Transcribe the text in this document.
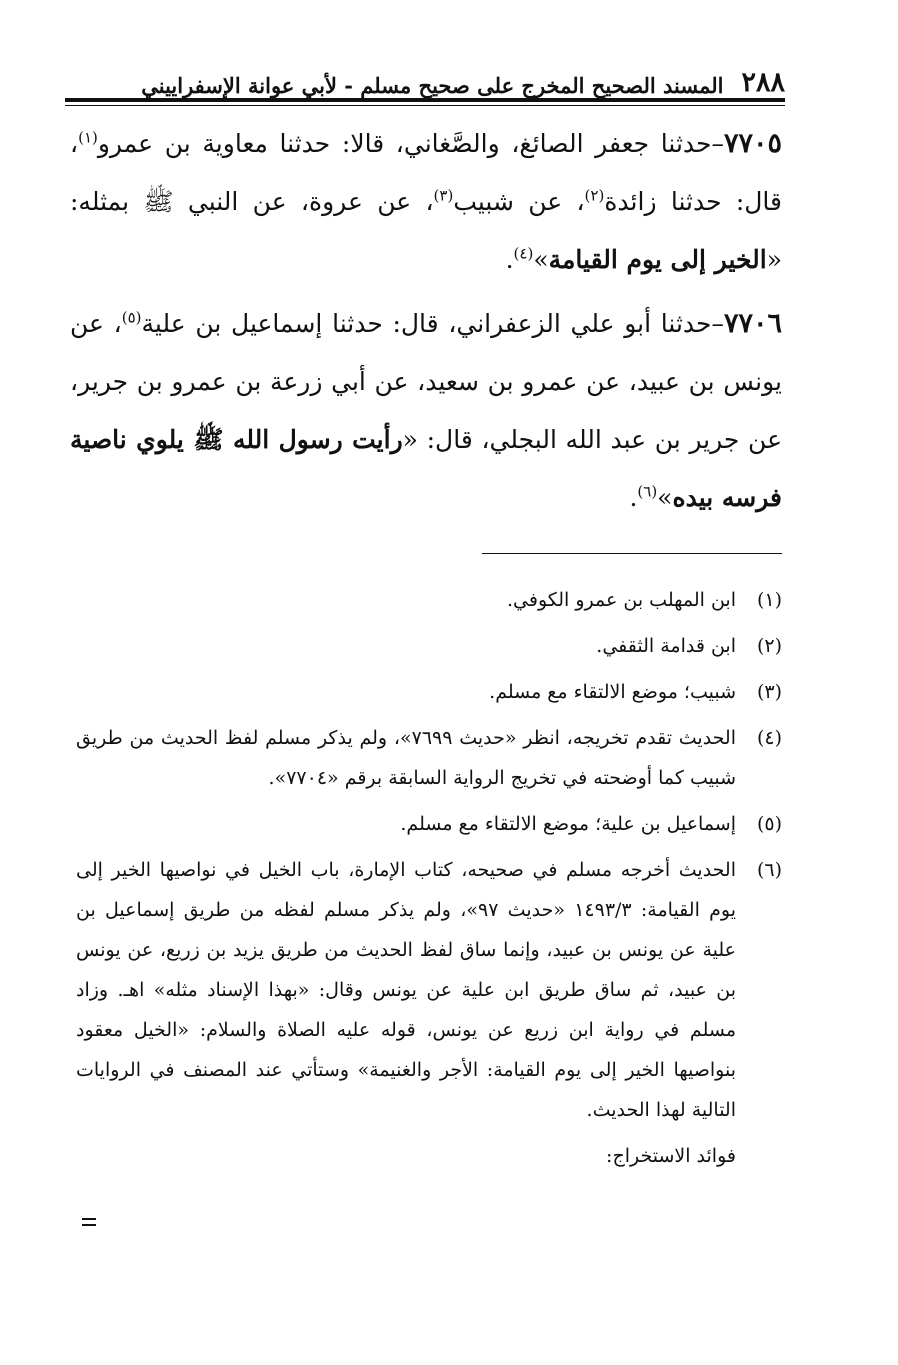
٢٨٨
المسند الصحيح المخرج على صحيح مسلم - لأبي عوانة الإسفراييني

٧٧٠٥–حدثنا جعفر الصائغ، والصَّغاني، قالا: حدثنا معاوية بن عمرو$^{(١)}$، قال: حدثنا زائدة$^{(٢)}$، عن شبيب$^{(٣)}$، عن عروة، عن النبي ﷺ بمثله: «الخير إلى يوم القيامة»$^{(٤)}$.

٧٧٠٦–حدثنا أبو علي الزعفراني، قال: حدثنا إسماعيل بن علية$^{(٥)}$، عن يونس بن عبيد، عن عمرو بن سعيد، عن أبي زرعة بن عمرو بن جرير، عن جرير بن عبد الله البجلي، قال: «رأيت رسول الله ﷺ يلوي ناصية فرسه بيده»$^{(٦)}$.

(١)
ابن المهلب بن عمرو الكوفي.
(٢)
ابن قدامة الثقفي.
(٣)
شبيب؛ موضع الالتقاء مع مسلم.
(٤)
الحديث تقدم تخريجه، انظر «حديث ٧٦٩٩»، ولم يذكر مسلم لفظ الحديث من طريق شبيب كما أوضحته في تخريج الرواية السابقة برقم «٧٧٠٤».
(٥)
إسماعيل بن علية؛ موضع الالتقاء مع مسلم.
(٦)
الحديث أخرجه مسلم في صحيحه، كتاب الإمارة، باب الخيل في نواصيها الخير إلى يوم القيامة: ١٤٩٣/٣ «حديث ٩٧»، ولم يذكر مسلم لفظه من طريق إسماعيل بن علية عن يونس بن عبيد، وإنما ساق لفظ الحديث من طريق يزيد بن زريع، عن يونس بن عبيد، ثم ساق طريق ابن علية عن يونس وقال: «بهذا الإسناد مثله» اهـ. وزاد مسلم في رواية ابن زريع عن يونس، قوله عليه الصلاة والسلام: «الخيل معقود بنواصيها الخير إلى يوم القيامة: الأجر والغنيمة» وستأتي عند المصنف في الروايات التالية لهذا الحديث.
فوائد الاستخراج:
